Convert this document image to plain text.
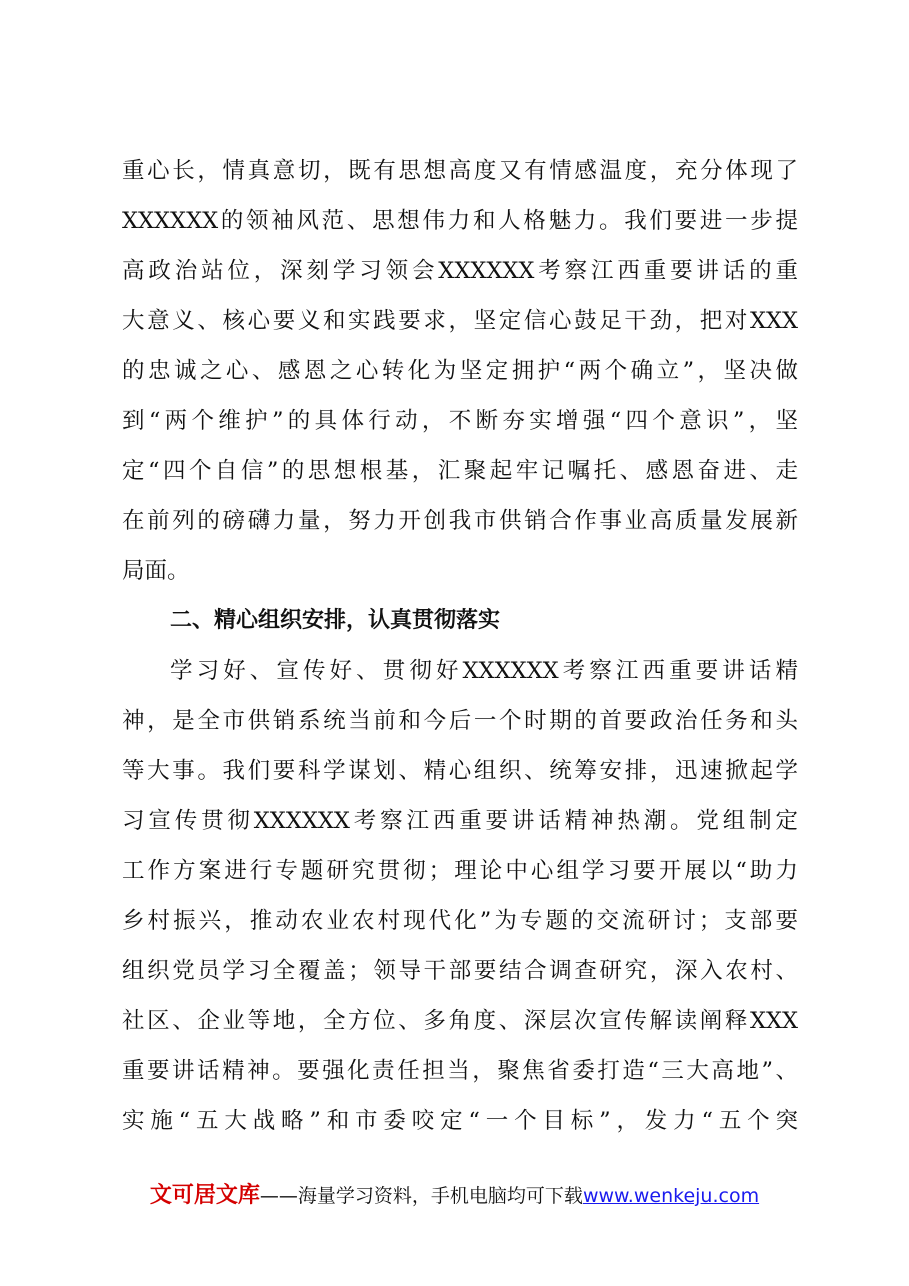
重心长，情真意切，既有思想高度又有情感温度，充分体现了
XXXXXX的领袖风范、思想伟力和人格魅力。我们要进一步提
高政治站位，深刻学习领会XXXXXX考察江西重要讲话的重
大意义、核心要义和实践要求，坚定信心鼓足干劲，把对XXX
的忠诚之心、感恩之心转化为坚定拥护“两个确立”，坚决做
到“两个维护”的具体行动，不断夯实增强“四个意识”，坚
定“四个自信”的思想根基，汇聚起牢记嘱托、感恩奋进、走
在前列的磅礴力量，努力开创我市供销合作事业高质量发展新
局面。
二、精心组织安排，认真贯彻落实
学习好、宣传好、贯彻好XXXXXX考察江西重要讲话精
神，是全市供销系统当前和今后一个时期的首要政治任务和头
等大事。我们要科学谋划、精心组织、统筹安排，迅速掀起学
习宣传贯彻XXXXXX考察江西重要讲话精神热潮。党组制定
工作方案进行专题研究贯彻；理论中心组学习要开展以“助力
乡村振兴，推动农业农村现代化”为专题的交流研讨；支部要
组织党员学习全覆盖；领导干部要结合调查研究，深入农村、
社区、企业等地，全方位、多角度、深层次宣传解读阐释XXX
重要讲话精神。要强化责任担当，聚焦省委打造“三大高地”、
实施“五大战略”和市委咬定“一个目标”，发力“五个突
文可居文库——海量学习资料，手机电脑均可下载www.wenkeju.com
